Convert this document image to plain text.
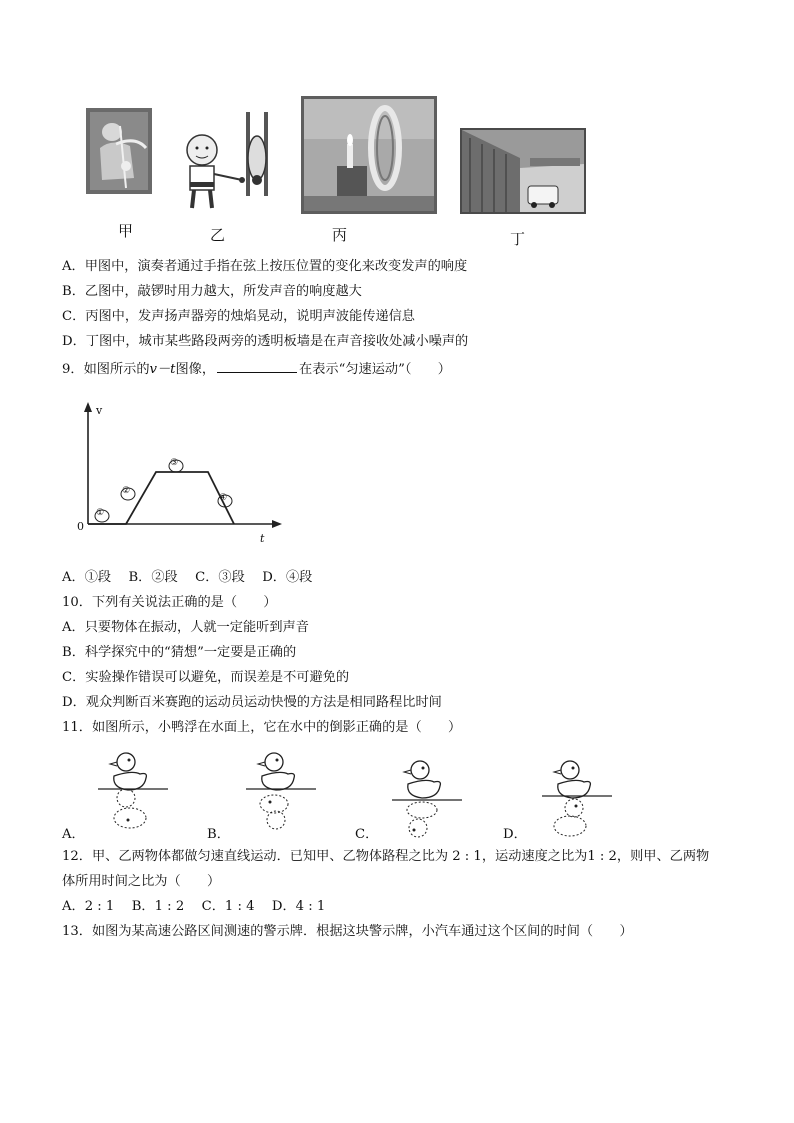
甲	乙	丙	丁
A．甲图中，演奏者通过手指在弦上按压位置的变化来改变发声的响度
B．乙图中，敲锣时用力越大，所发声音的响度越大
C．丙图中，发声扬声器旁的烛焰晃动，说明声波能传递信息
D．丁图中，城市某些路段两旁的透明板墙是在声音接收处减小噪声的
9．如图所示的v－t图像，	在表示“匀速运动”（　　）
v
t
0
①
②
③
④
A．①段　 B．②段　 C．③段　 D．④段
10．下列有关说法正确的是（　　）
A．只要物体在振动，人就一定能听到声音
B．科学探究中的“猜想”一定要是正确的
C．实验操作错误可以避免，而误差是不可避免的
D．观众判断百米赛跑的运动员运动快慢的方法是相同路程比时间
11．如图所示，小鸭浮在水面上，它在水中的倒影正确的是（　　）
A．	B．	C．	D．
12．甲、乙两物体都做匀速直线运动．已知甲、乙物体路程之比为 2 : 1，运动速度之比为1 : 2，则甲、乙两物
体所用时间之比为（　　）
A．2 : 1　 B．1 : 2　 C．1 : 4　 D．4 : 1
13．如图为某高速公路区间测速的警示牌．根据这块警示牌，小汽车通过这个区间的时间（　　）
